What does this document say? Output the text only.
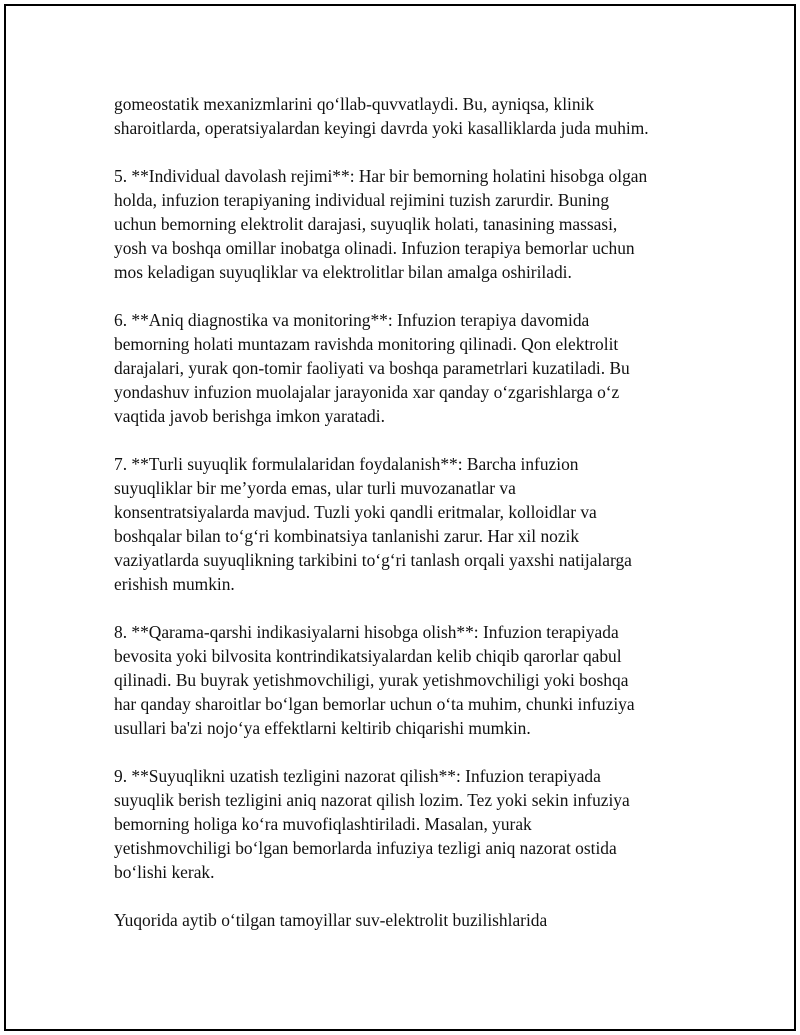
gomeostatik mexanizmlarini qo‘llab-quvvatlaydi. Bu, ayniqsa, klinik
sharoitlarda, operatsiyalardan keyingi davrda yoki kasalliklarda juda muhim.

5. **Individual davolash rejimi**: Har bir bemorning holatini hisobga olgan
holda, infuzion terapiyaning individual rejimini tuzish zarurdir. Buning
uchun bemorning elektrolit darajasi, suyuqlik holati, tanasining massasi,
yosh va boshqa omillar inobatga olinadi. Infuzion terapiya bemorlar uchun
mos keladigan suyuqliklar va elektrolitlar bilan amalga oshiriladi.

6. **Aniq diagnostika va monitoring**: Infuzion terapiya davomida
bemorning holati muntazam ravishda monitoring qilinadi. Qon elektrolit
darajalari, yurak qon-tomir faoliyati va boshqa parametrlari kuzatiladi. Bu
yondashuv infuzion muolajalar jarayonida xar qanday o‘zgarishlarga o‘z
vaqtida javob berishga imkon yaratadi.

7. **Turli suyuqlik formulalaridan foydalanish**: Barcha infuzion
suyuqliklar bir me’yorda emas, ular turli muvozanatlar va
konsentratsiyalarda mavjud. Tuzli yoki qandli eritmalar, kolloidlar va
boshqalar bilan to‘g‘ri kombinatsiya tanlanishi zarur. Har xil nozik
vaziyatlarda suyuqlikning tarkibini to‘g‘ri tanlash orqali yaxshi natijalarga
erishish mumkin.

8. **Qarama-qarshi indikasiyalarni hisobga olish**: Infuzion terapiyada
bevosita yoki bilvosita kontrindikatsiyalardan kelib chiqib qarorlar qabul
qilinadi. Bu buyrak yetishmovchiligi, yurak yetishmovchiligi yoki boshqa
har qanday sharoitlar bo‘lgan bemorlar uchun o‘ta muhim, chunki infuziya
usullari ba'zi nojo‘ya effektlarni keltirib chiqarishi mumkin.

9. **Suyuqlikni uzatish tezligini nazorat qilish**: Infuzion terapiyada
suyuqlik berish tezligini aniq nazorat qilish lozim. Tez yoki sekin infuziya
bemorning holiga ko‘ra muvofiqlashtiriladi. Masalan, yurak
yetishmovchiligi bo‘lgan bemorlarda infuziya tezligi aniq nazorat ostida
bo‘lishi kerak.

Yuqorida aytib o‘tilgan tamoyillar suv-elektrolit buzilishlarida
